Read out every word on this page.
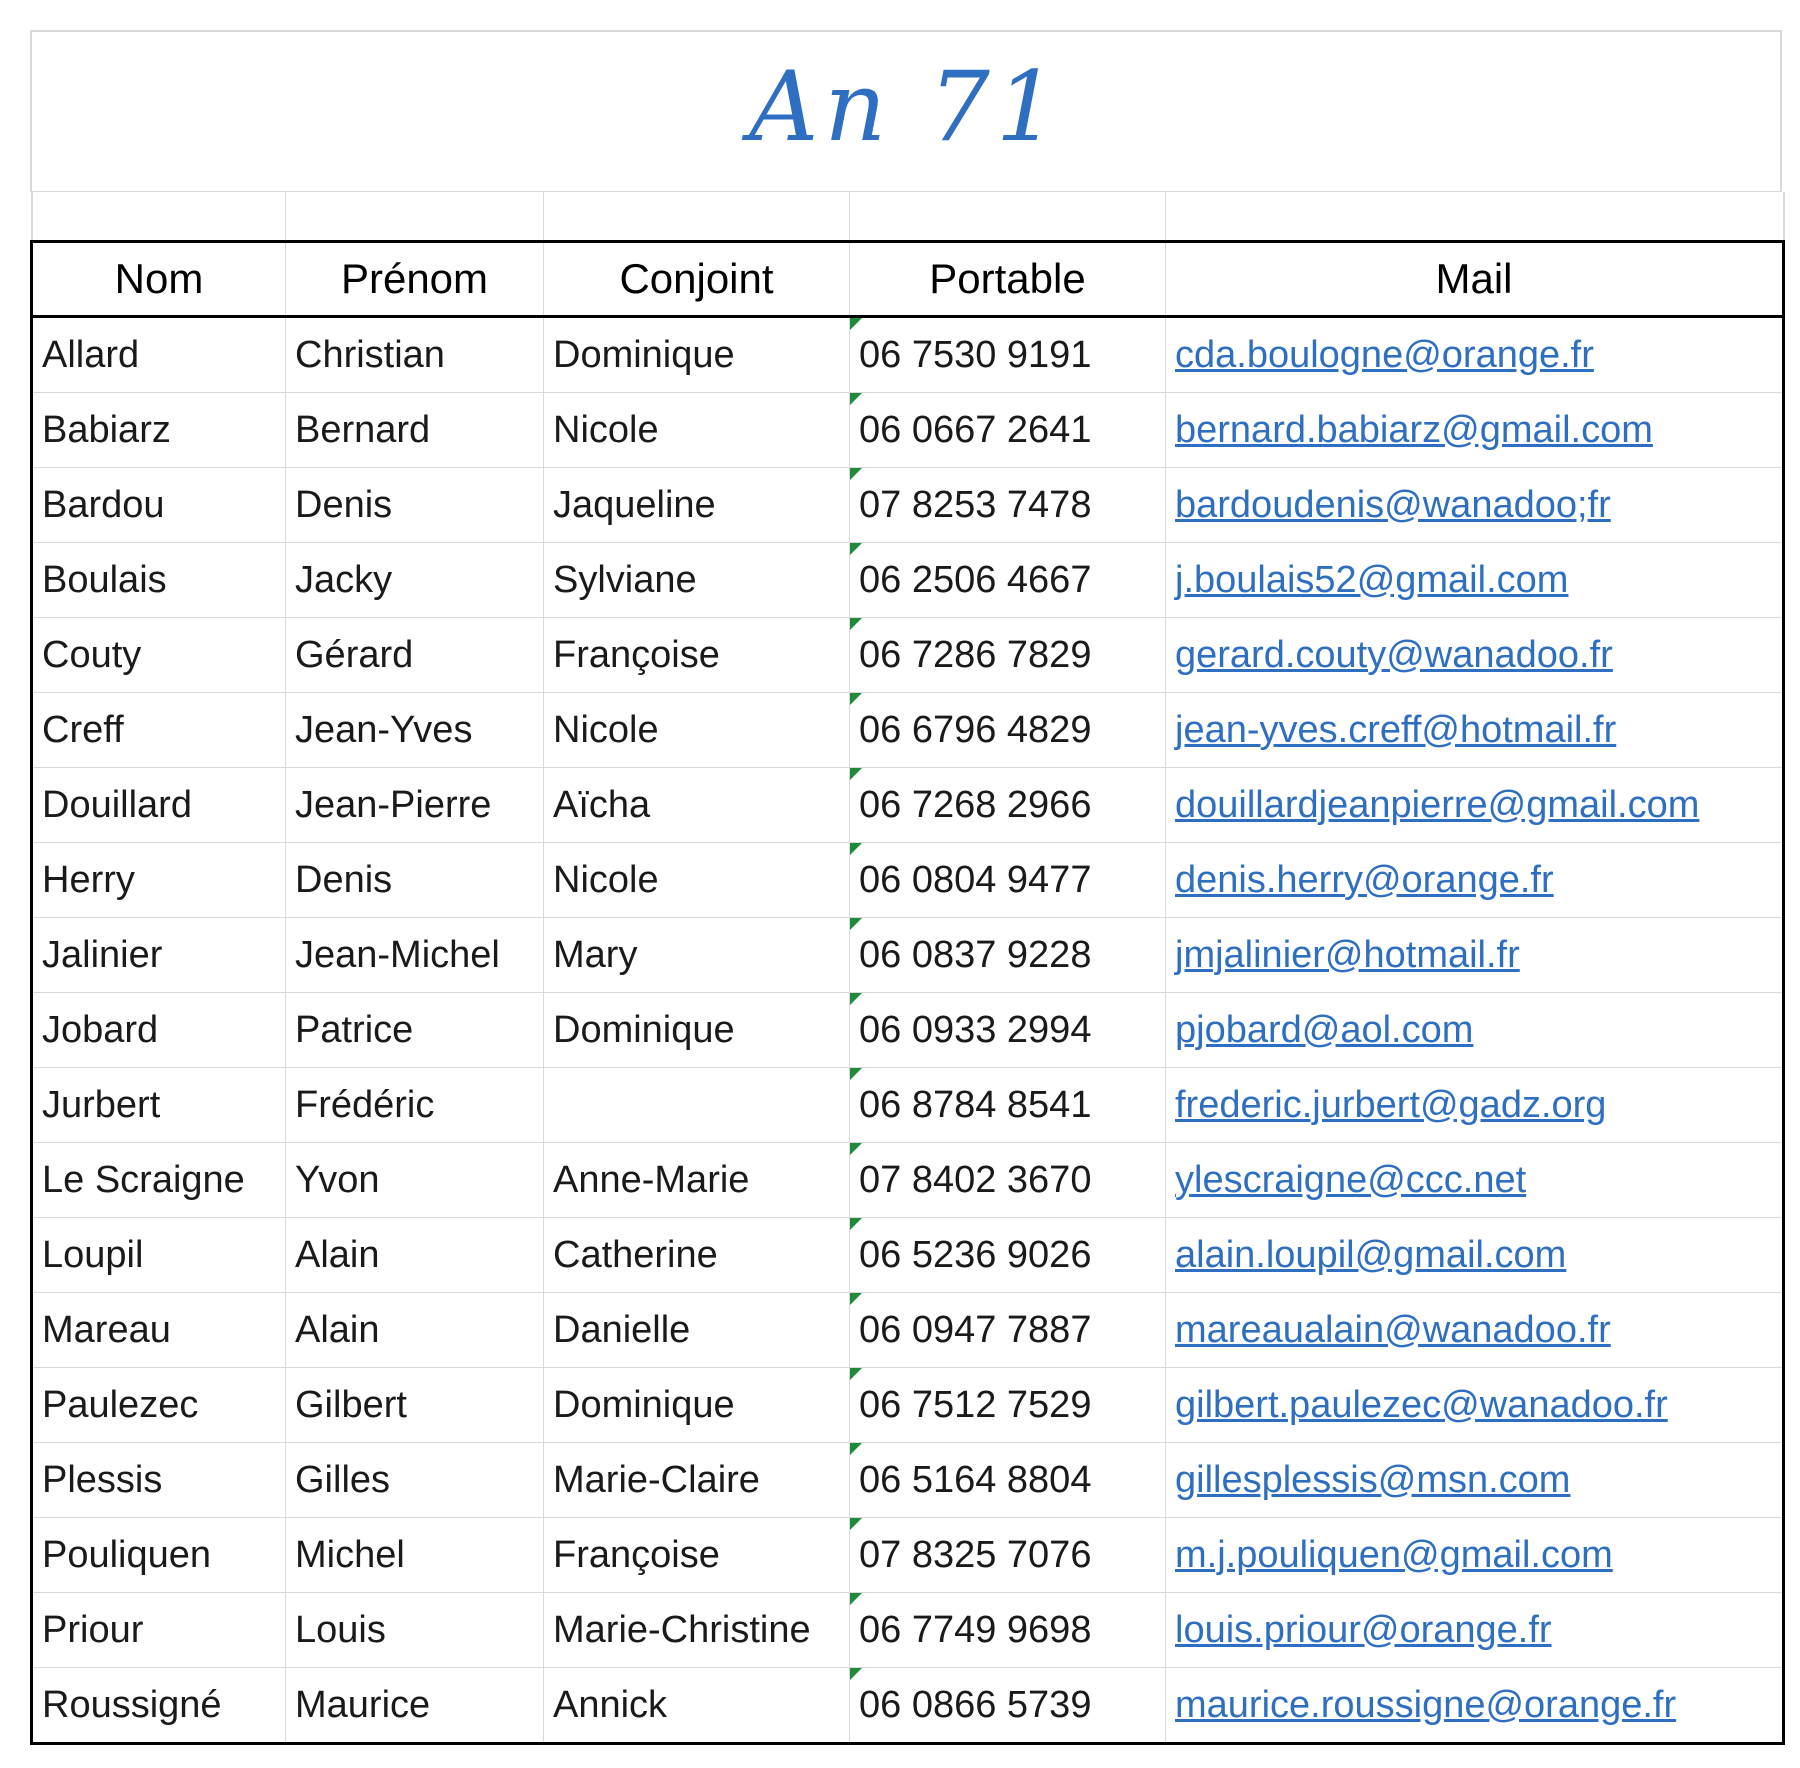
An 71

Nom	Prénom	Conjoint	Portable	Mail
Allard	Christian	Dominique	06 7530 9191	cda.boulogne@orange.fr
Babiarz	Bernard	Nicole	06 0667 2641	bernard.babiarz@gmail.com
Bardou	Denis	Jaqueline	07 8253 7478	bardoudenis@wanadoo;fr
Boulais	Jacky	Sylviane	06 2506 4667	j.boulais52@gmail.com
Couty	Gérard	Françoise	06 7286 7829	gerard.couty@wanadoo.fr
Creff	Jean-Yves	Nicole	06 6796 4829	jean-yves.creff@hotmail.fr
Douillard	Jean-Pierre	Aïcha	06 7268 2966	douillardjeanpierre@gmail.com
Herry	Denis	Nicole	06 0804 9477	denis.herry@orange.fr
Jalinier	Jean-Michel	Mary	06 0837 9228	jmjalinier@hotmail.fr
Jobard	Patrice	Dominique	06 0933 2994	pjobard@aol.com
Jurbert	Frédéric		06 8784 8541	frederic.jurbert@gadz.org
Le Scraigne	Yvon	Anne-Marie	07 8402 3670	ylescraigne@ccc.net
Loupil	Alain	Catherine	06 5236 9026	alain.loupil@gmail.com
Mareau	Alain	Danielle	06 0947 7887	mareaualain@wanadoo.fr
Paulezec	Gilbert	Dominique	06 7512 7529	gilbert.paulezec@wanadoo.fr
Plessis	Gilles	Marie-Claire	06 5164 8804	gillesplessis@msn.com
Pouliquen	Michel	Françoise	07 8325 7076	m.j.pouliquen@gmail.com
Priour	Louis	Marie-Christine	06 7749 9698	louis.priour@orange.fr
Roussigné	Maurice	Annick	06 0866 5739	maurice.roussigne@orange.fr
